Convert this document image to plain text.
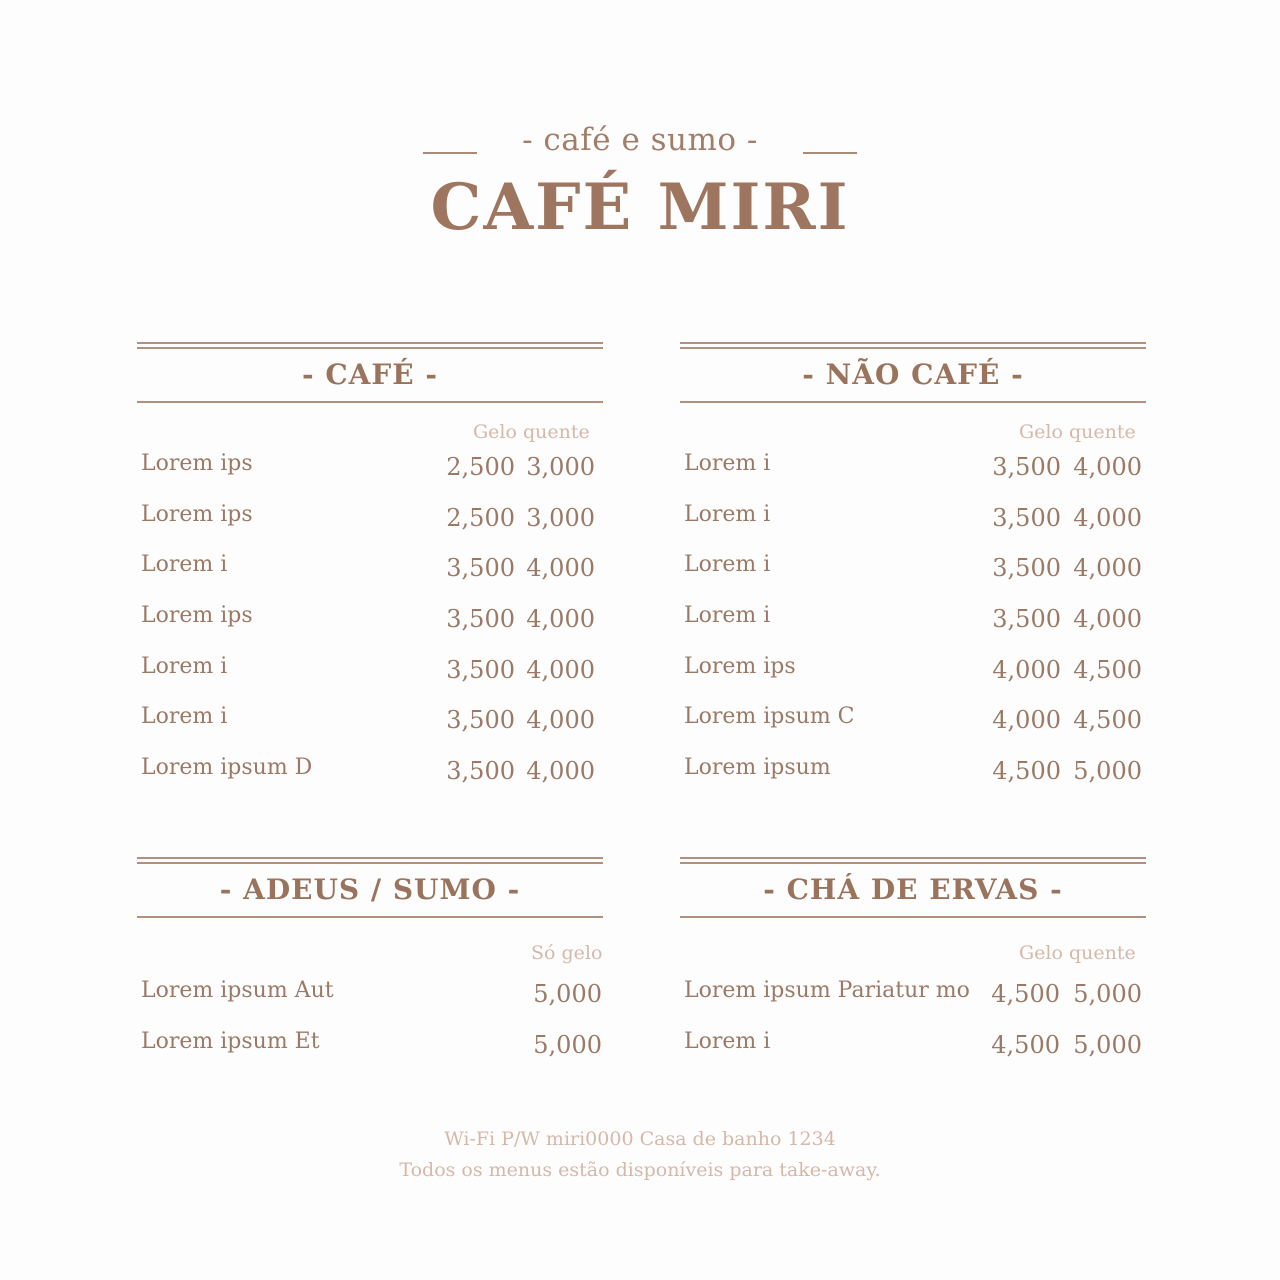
- café e sumo -
CAFÉ MIRI
- CAFÉ -
Gelo quente
Lorem ips	2,500 3,000
Lorem ips	2,500 3,000
Lorem i	3,500 4,000
Lorem ips	3,500 4,000
Lorem i	3,500 4,000
Lorem i	3,500 4,000
Lorem ipsum D	3,500 4,000
- NÃO CAFÉ -
Gelo quente
Lorem i	3,500 4,000
Lorem i	3,500 4,000
Lorem i	3,500 4,000
Lorem i	3,500 4,000
Lorem ips	4,000 4,500
Lorem ipsum C	4,000 4,500
Lorem ipsum	4,500 5,000
- ADEUS / SUMO -
Só gelo
Lorem ipsum Aut	5,000
Lorem ipsum Et	5,000
- CHÁ DE ERVAS -
Gelo quente
Lorem ipsum Pariatur mo 4,500 5,000
Lorem i	4,500 5,000
Wi-Fi P/W miri0000 Casa de banho 1234
Todos os menus estão disponíveis para take-away.
